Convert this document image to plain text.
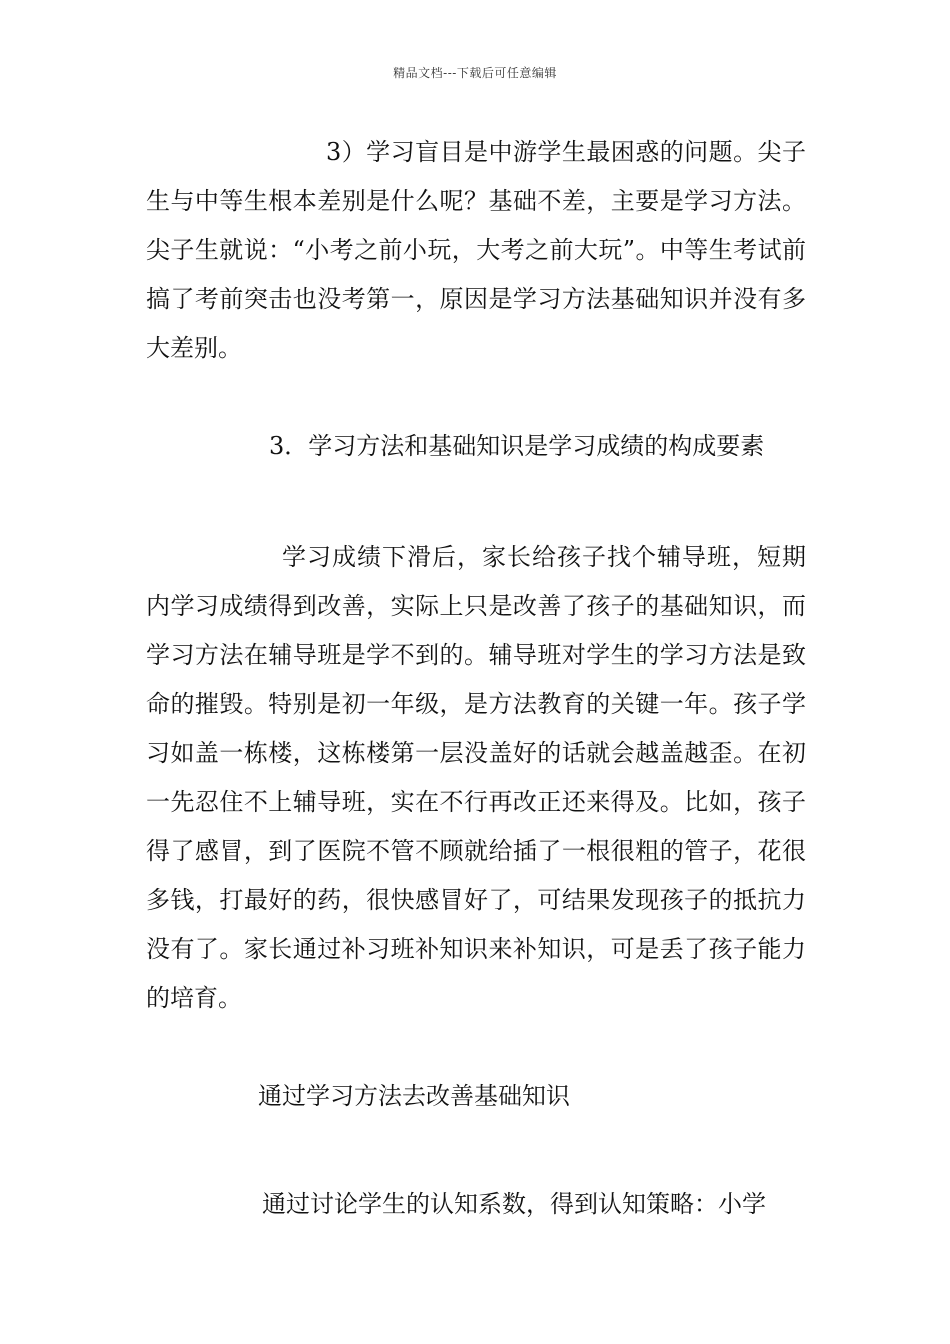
精品文档---下载后可任意编辑

3）学习盲目是中游学生最困惑的问题。尖子生与中等生根本差别是什么呢？基础不差，主要是学习方法。尖子生就说：“小考之前小玩，大考之前大玩”。中等生考试前搞了考前突击也没考第一，原因是学习方法基础知识并没有多大差别。

3．学习方法和基础知识是学习成绩的构成要素

学习成绩下滑后，家长给孩子找个辅导班，短期内学习成绩得到改善，实际上只是改善了孩子的基础知识，而学习方法在辅导班是学不到的。辅导班对学生的学习方法是致命的摧毁。特别是初一年级，是方法教育的关键一年。孩子学习如盖一栋楼，这栋楼第一层没盖好的话就会越盖越歪。在初一先忍住不上辅导班，实在不行再改正还来得及。比如，孩子得了感冒，到了医院不管不顾就给插了一根很粗的管子，花很多钱，打最好的药，很快感冒好了，可结果发现孩子的抵抗力没有了。家长通过补习班补知识来补知识，可是丢了孩子能力的培育。

通过学习方法去改善基础知识

通过讨论学生的认知系数，得到认知策略：小学
